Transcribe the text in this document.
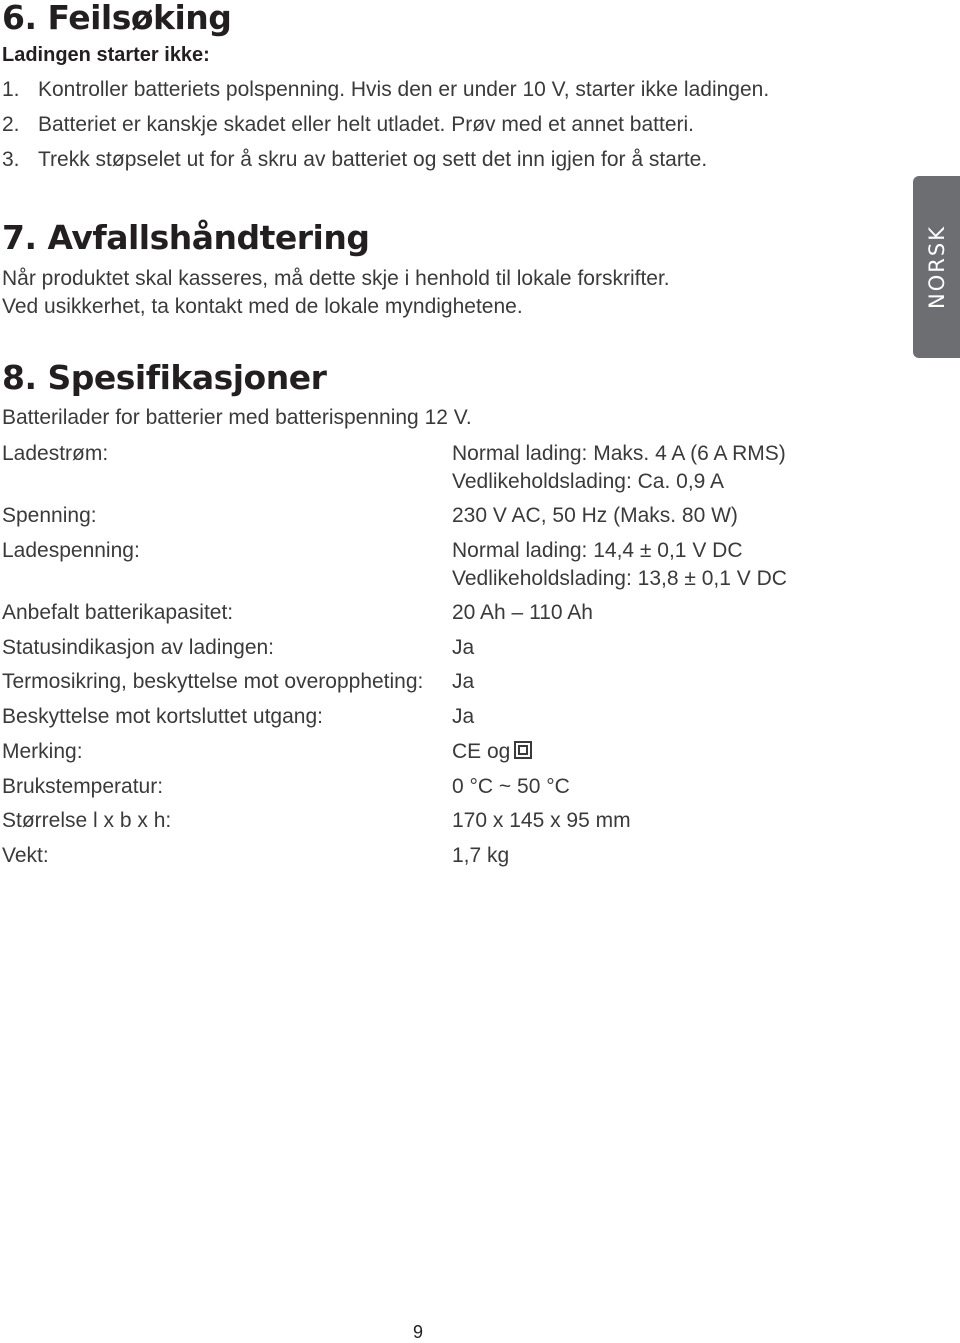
6. Feilsøking
Ladingen starter ikke:
1. Kontroller batteriets polspenning. Hvis den er under 10 V, starter ikke ladingen.
2. Batteriet er kanskje skadet eller helt utladet. Prøv med et annet batteri.
3. Trekk støpselet ut for å skru av batteriet og sett det inn igjen for å starte.
7. Avfallshåndtering
Når produktet skal kasseres, må dette skje i henhold til lokale forskrifter.
Ved usikkerhet, ta kontakt med de lokale myndighetene.	NORSK
8. Spesifikasjoner
Batterilader for batterier med batterispenning 12 V.
Ladestrøm:	Normal lading: Maks. 4 A (6 A RMS)
Vedlikeholdslading: Ca. 0,9 A
Spenning:	230 V AC, 50 Hz (Maks. 80 W)
Ladespenning:	Normal lading: 14,4 ± 0,1 V DC
Vedlikeholdslading: 13,8 ± 0,1 V DC
Anbefalt batterikapasitet:	20 Ah – 110 Ah
Statusindikasjon av ladingen:	Ja
Termosikring, beskyttelse mot overoppheting: Ja
Beskyttelse mot kortsluttet utgang:	Ja
Merking:	CE og
Brukstemperatur:	0 °C ~ 50 °C
Størrelse l x b x h:	170 x 145 x 95 mm
Vekt:	1,7 kg
9
